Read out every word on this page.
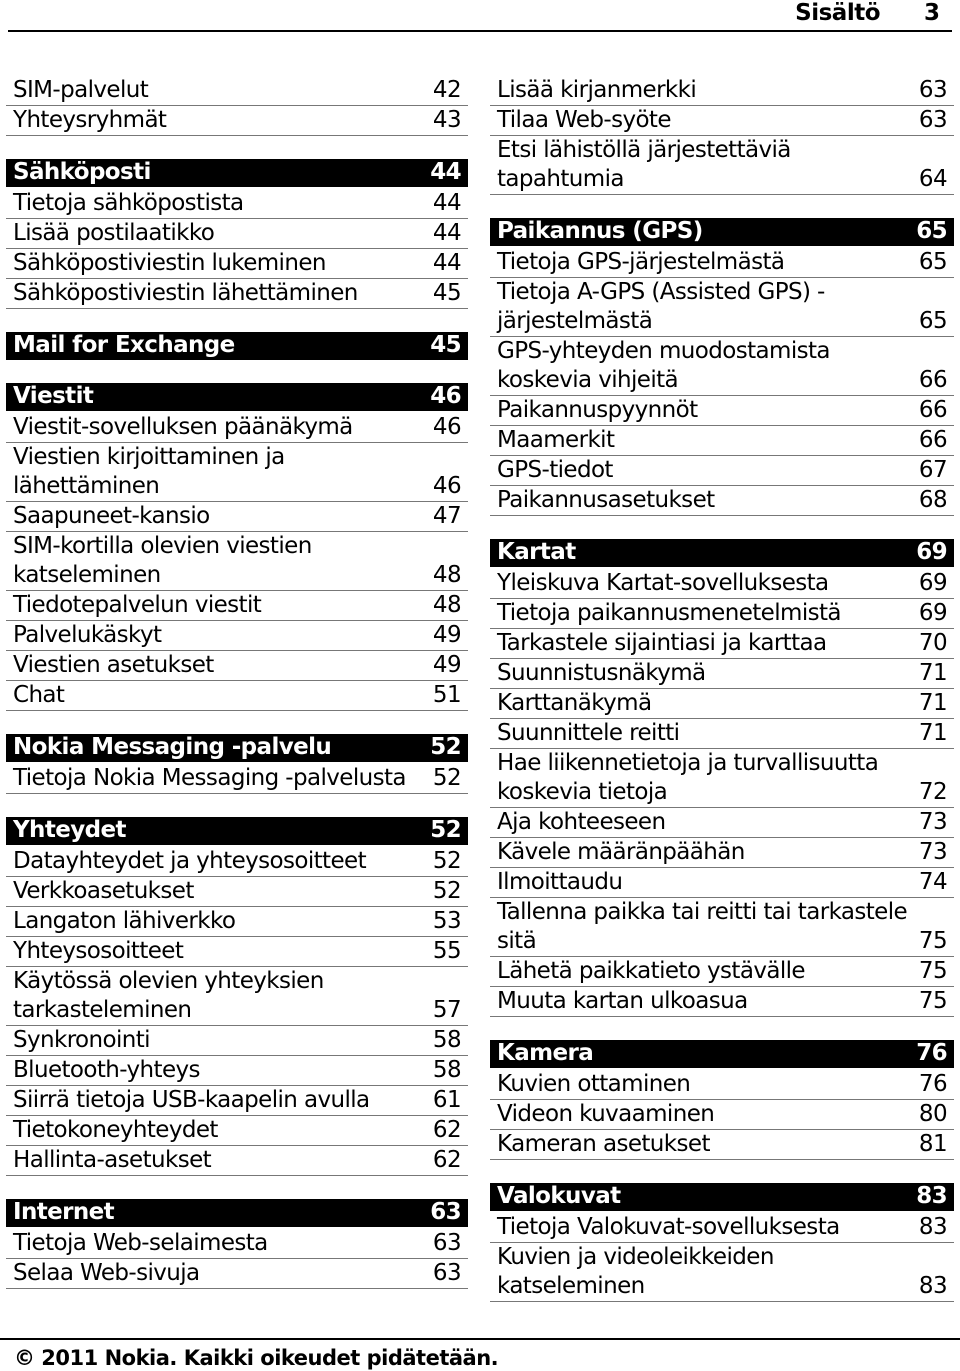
Sisältö 3
SIM-palvelut	42
Yhteysryhmät	43
Sähköposti	44
Tietoja sähköpostista	44
Lisää postilaatikko	44
Sähköpostiviestin lukeminen	44
Sähköpostiviestin lähettäminen	45
Mail for Exchange	45
Viestit	46
Viestit-sovelluksen päänäkymä	46
Viestien kirjoittaminen ja lähettäminen	46
Saapuneet-kansio	47
SIM-kortilla olevien viestien katseleminen	48
Tiedotepalvelun viestit	48
Palvelukäskyt	49
Viestien asetukset	49
Chat	51
Nokia Messaging -palvelu	52
Tietoja Nokia Messaging -palvelusta	52
Yhteydet	52
Datayhteydet ja yhteysosoitteet	52
Verkkoasetukset	52
Langaton lähiverkko	53
Yhteysosoitteet	55
Käytössä olevien yhteyksien tarkasteleminen	57
Synkronointi	58
Bluetooth-yhteys	58
Siirrä tietoja USB-kaapelin avulla	61
Tietokoneyhteydet	62
Hallinta-asetukset	62
Internet	63
Tietoja Web-selaimesta	63
Selaa Web-sivuja	63
Lisää kirjanmerkki	63
Tilaa Web-syöte	63
Etsi lähistöllä järjestettäviä tapahtumia	64
Paikannus (GPS)	65
Tietoja GPS-järjestelmästä	65
Tietoja A-GPS (Assisted GPS) -järjestelmästä	65
GPS-yhteyden muodostamista koskevia vihjeitä	66
Paikannuspyynnöt	66
Maamerkit	66
GPS-tiedot	67
Paikannusasetukset	68
Kartat	69
Yleiskuva Kartat-sovelluksesta	69
Tietoja paikannusmenetelmistä	69
Tarkastele sijaintiasi ja karttaa	70
Suunnistusnäkymä	71
Karttanäkymä	71
Suunnittele reitti	71
Hae liikennetietoja ja turvallisuutta koskevia tietoja	72
Aja kohteeseen	73
Kävele määränpäähän	73
Ilmoittaudu	74
Tallenna paikka tai reitti tai tarkastele sitä	75
Lähetä paikkatieto ystävälle	75
Muuta kartan ulkoasua	75
Kamera	76
Kuvien ottaminen	76
Videon kuvaaminen	80
Kameran asetukset	81
Valokuvat	83
Tietoja Valokuvat-sovelluksesta	83
Kuvien ja videoleikkeiden katseleminen	83
© 2011 Nokia. Kaikki oikeudet pidätetään.
